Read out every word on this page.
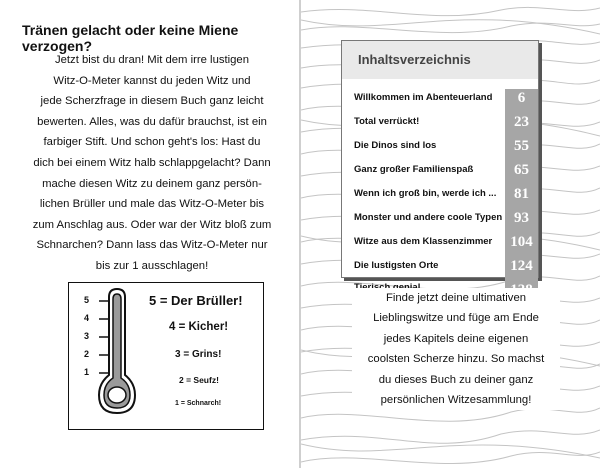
Tränen gelacht oder keine Miene verzogen?
Jetzt bist du dran! Mit dem irre lustigen
Witz-O-Meter kannst du jeden Witz und
jede Scherzfrage in diesem Buch ganz leicht
bewerten. Alles, was du dafür brauchst, ist ein
farbiger Stift. Und schon geht's los: Hast du
dich bei einem Witz halb schlappgelacht? Dann
mache diesen Witz zu deinem ganz persön-
lichen Brüller und male das Witz-O-Meter bis
zum Anschlag aus. Oder war der Witz bloß zum
Schnarchen? Dann lass das Witz-O-Meter nur
bis zur 1 ausschlagen!
5
4
3
2
1
5 = Der Brüller!
4 = Kicher!
3 = Grins!
2 = Seufz!
1 = Schnarch!
Inhaltsverzeichnis
6
23
55
65
81
93
104
124
Willkommen im Abenteuerland
Total verrückt!
Die Dinos sind los
Ganz großer Familienspaß
Wenn ich groß bin, werde ich ...
Monster und andere coole Typen
Witze aus dem Klassenzimmer
Die lustigsten Orte
Finde jetzt deine ultimativen
Lieblingswitze und füge am Ende
jedes Kapitels deine eigenen
coolsten Scherze hinzu. So machst
du dieses Buch zu deiner ganz
persönlichen Witzesammlung!
